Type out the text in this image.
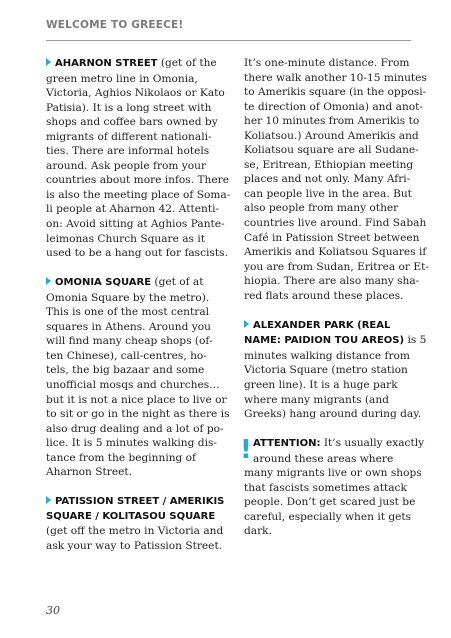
WELCOME TO GREECE!
AHARNON STREET (get of the
green metro line in Omonia,
Victoria, Aghios Nikolaos or Kato
Patisia). It is a long street with
shops and coffee bars owned by
migrants of different nationali-
ties. There are informal hotels
around. Ask people from your
countries about more infos. There
is also the meeting place of Soma-
li people at Aharnon 42. Attenti-
on: Avoid sitting at Aghios Pante-
leimonas Church Square as it
used to be a hang out for fascists.
OMONIA SQUARE (get of at
Omonia Square by the metro).
This is one of the most central
squares in Athens. Around you
will find many cheap shops (of-
ten Chinese), call-centres, ho-
tels, the big bazaar and some
unofficial mosqs and churches…
but it is not a nice place to live or
to sit or go in the night as there is
also drug dealing and a lot of po-
lice. It is 5 minutes walking dis-
tance from the beginning of
Aharnon Street.
PATISSION STREET / AMERIKIS
SQUARE / KOLITASOU SQUARE
(get off the metro in Victoria and
ask your way to Patission Street.
It’s one-minute distance. From
there walk another 10-15 minutes
to Amerikis square (in the opposi-
te direction of Omonia) and anot-
her 10 minutes from Amerikis to
Koliatsou.) Around Amerikis and
Koliatsou square are all Sudane-
se, Eritrean, Ethiopian meeting
places and not only. Many Afri-
can people live in the area. But
also people from many other
countries live around. Find Sabah
Café in Patission Street between
Amerikis and Koliatsou Squares if
you are from Sudan, Eritrea or Et-
hiopia. There are also many sha-
red flats around these places.
ALEXANDER PARK (REAL
NAME: PAIDION TOU AREOS) is 5
minutes walking distance from
Victoria Square (metro station
green line). It is a huge park
where many migrants (and
Greeks) hang around during day.
! ATTENTION: It’s usually exactly
around these areas where
many migrants live or own shops
that fascists sometimes attack
people. Don’t get scared just be
careful, especially when it gets
dark.
30
